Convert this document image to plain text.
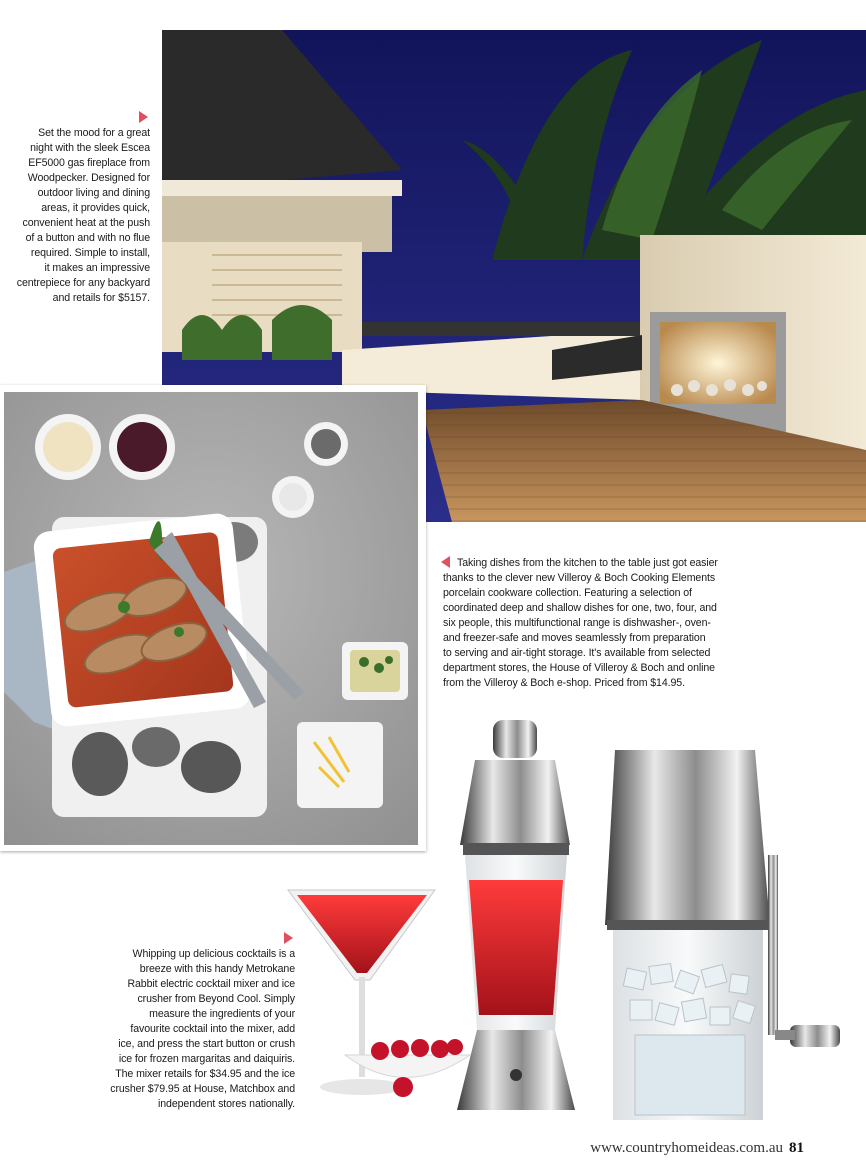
Set the mood for a great
night with the sleek Escea
EF5000 gas fireplace from
Woodpecker. Designed for
outdoor living and dining
areas, it provides quick,
convenient heat at the push
of a button and with no flue
required. Simple to install,
it makes an impressive
centrepiece for any backyard
and retails for $5157.
Taking dishes from the kitchen to the table just got easier
thanks to the clever new Villeroy & Boch Cooking Elements
porcelain cookware collection. Featuring a selection of
coordinated deep and shallow dishes for one, two, four, and
six people, this multifunctional range is dishwasher-, oven-
and freezer-safe and moves seamlessly from preparation
to serving and air-tight storage. It's available from selected
department stores, the House of Villeroy & Boch and online
from the Villeroy & Boch e-shop. Priced from $14.95.
Whipping up delicious cocktails is a
breeze with this handy Metrokane
Rabbit electric cocktail mixer and ice
crusher from Beyond Cool. Simply
measure the ingredients of your
favourite cocktail into the mixer, add
ice, and press the start button or crush
ice for frozen margaritas and daiquiris.
The mixer retails for $34.95 and the ice
crusher $79.95 at House, Matchbox and
independent stores nationally.
www.countryhomeideas.com.au 81
